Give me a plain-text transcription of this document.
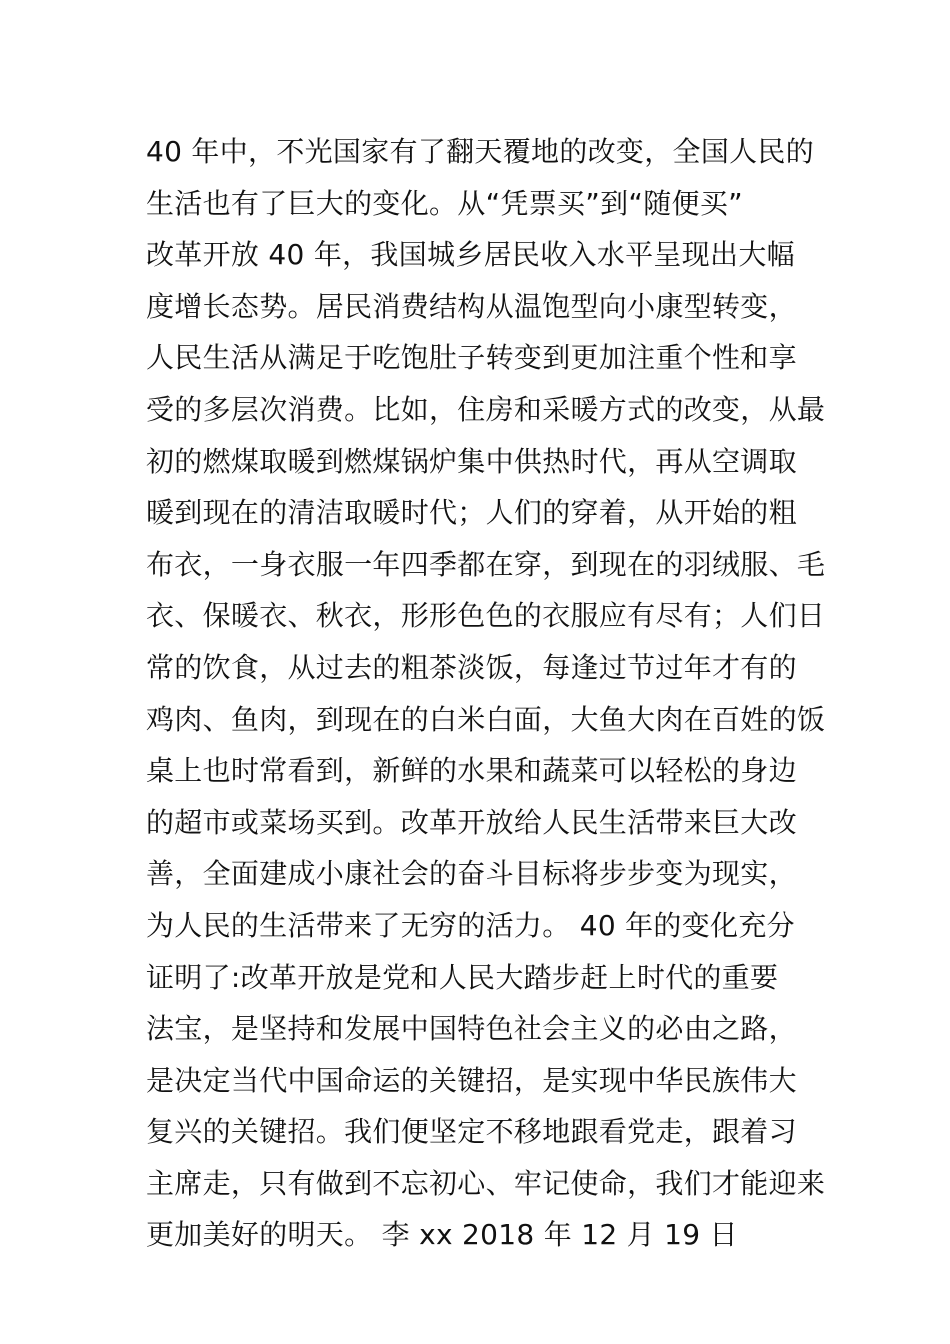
40 年中，不光国家有了翻天覆地的改变，全国人民的
生活也有了巨大的变化。从“凭票买”到“随便买”
改革开放 40 年，我国城乡居民收入水平呈现出大幅
度增长态势。居民消费结构从温饱型向小康型转变，
人民生活从满足于吃饱肚子转变到更加注重个性和享
受的多层次消费。比如，住房和采暖方式的改变，从最
初的燃煤取暖到燃煤锅炉集中供热时代，再从空调取
暖到现在的清洁取暖时代；人们的穿着，从开始的粗
布衣，一身衣服一年四季都在穿，到现在的羽绒服、毛
衣、保暖衣、秋衣，形形色色的衣服应有尽有；人们日
常的饮食，从过去的粗茶淡饭，每逢过节过年才有的
鸡肉、鱼肉，到现在的白米白面，大鱼大肉在百姓的饭
桌上也时常看到，新鲜的水果和蔬菜可以轻松的身边
的超市或菜场买到。改革开放给人民生活带来巨大改
善，全面建成小康社会的奋斗目标将步步变为现实，
为人民的生活带来了无穷的活力。 40 年的变化充分
证明了:改革开放是党和人民大踏步赶上时代的重要
法宝，是坚持和发展中国特色社会主义的必由之路，
是决定当代中国命运的关键招，是实现中华民族伟大
复兴的关键招。我们便坚定不移地跟看党走，跟着习
主席走，只有做到不忘初心、牢记使命，我们才能迎来
更加美好的明天。 李 xx 2018 年 12 月 19 日
